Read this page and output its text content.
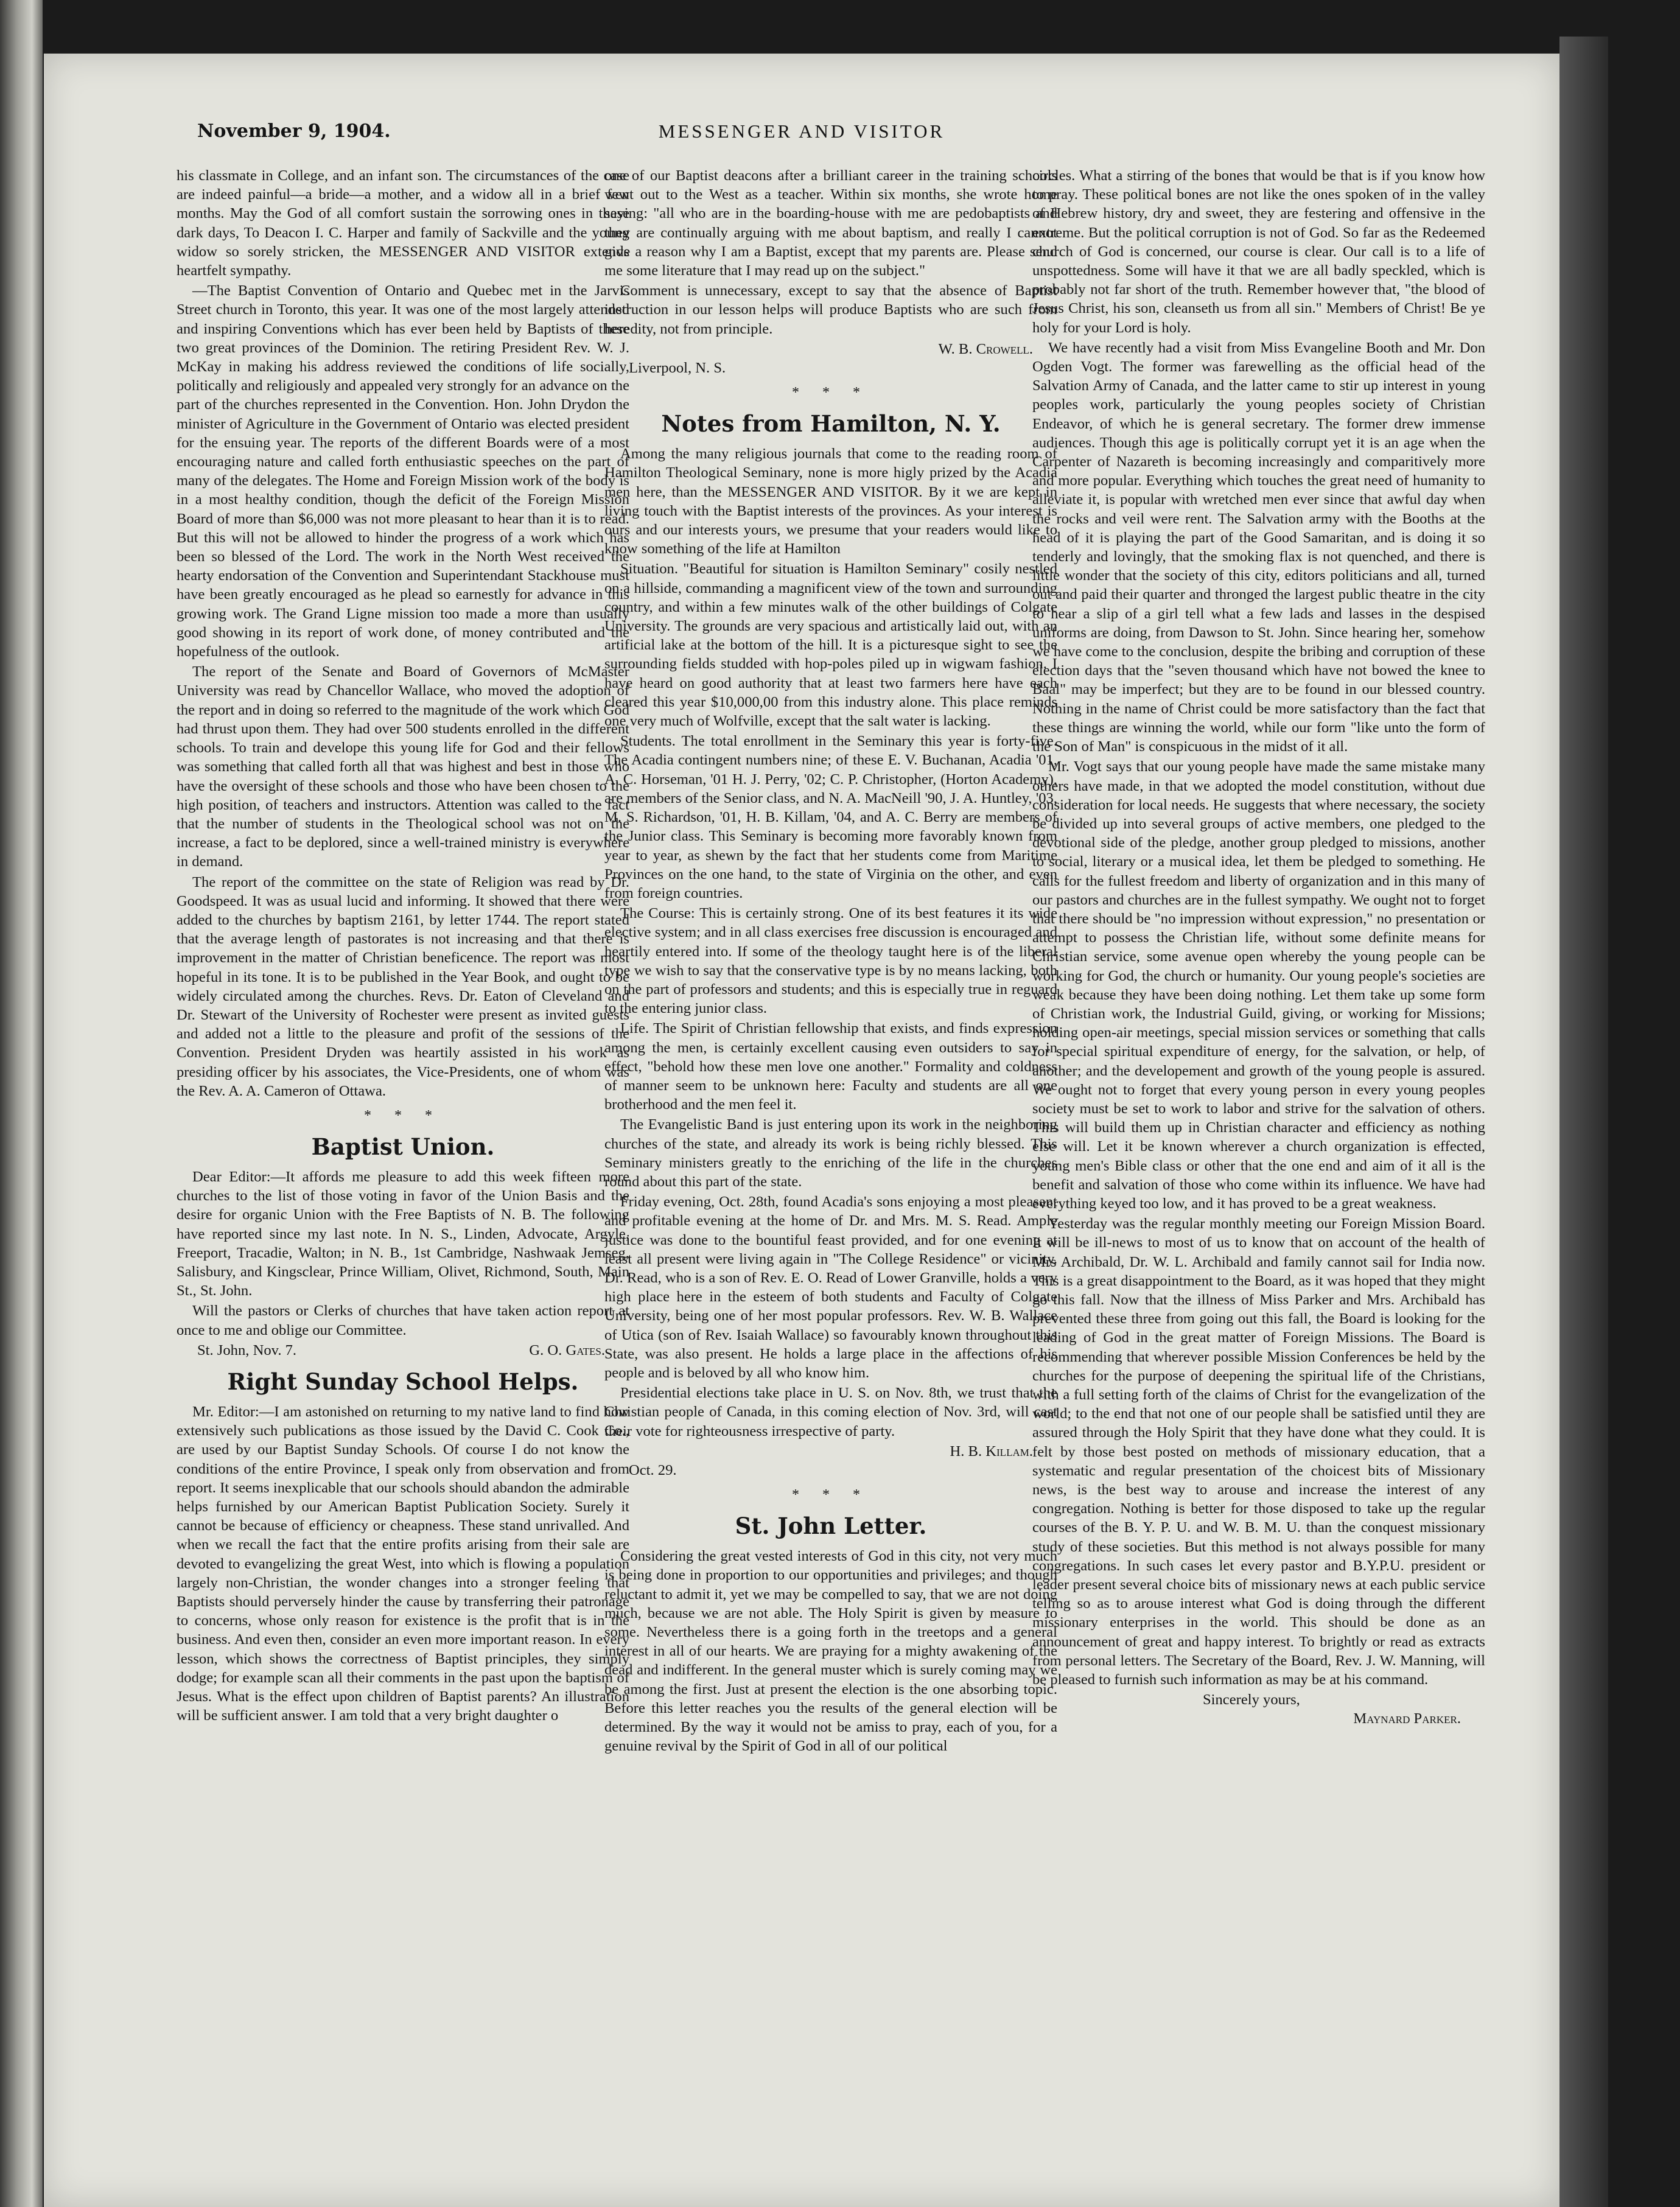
November 9, 1904.	MESSENGER AND VISITOR

his classmate in College, and an infant son. The circumstances of the case are indeed painful—a bride—a mother, and a widow all in a brief few months. May the God of all comfort sustain the sorrowing ones in these dark days, To Deacon I. C. Harper and family of Sackville and the young widow so sorely stricken, the MESSENGER AND VISITOR extends heartfelt sympathy.

—The Baptist Convention of Ontario and Quebec met in the Jarvis Street church in Toronto, this year. It was one of the most largely attended and inspiring Conventions which has ever been held by Baptists of these two great provinces of the Dominion. The retiring President Rev. W. J. McKay in making his address reviewed the conditions of life socially, politically and religiously and appealed very strongly for an advance on the part of the churches represented in the Convention. Hon. John Drydon the minister of Agriculture in the Government of Ontario was elected president for the ensuing year. The reports of the different Boards were of a most encouraging nature and called forth enthusiastic speeches on the part of many of the delegates. The Home and Foreign Mission work of the body is in a most healthy condition, though the deficit of the Foreign Mission Board of more than $6,000 was not more pleasant to hear than it is to read. But this will not be allowed to hinder the progress of a work which has been so blessed of the Lord. The work in the North West received the hearty endorsation of the Convention and Superintendant Stackhouse must have been greatly encouraged as he plead so earnestly for advance in this growing work. The Grand Ligne mission too made a more than usually good showing in its report of work done, of money contributed and the hopefulness of the outlook.

The report of the Senate and Board of Governors of McMaster University was read by Chancellor Wallace, who moved the adoption of the report and in doing so referred to the magnitude of the work which God had thrust upon them. They had over 500 students enrolled in the different schools. To train and develope this young life for God and their fellows was something that called forth all that was highest and best in those who have the oversight of these schools and those who have been chosen to the high position, of teachers and instructors. Attention was called to the fact that the number of students in the Theological school was not on the increase, a fact to be deplored, since a well-trained ministry is everywhere in demand.

The report of the committee on the state of Religion was read by Dr. Goodspeed. It was as usual lucid and informing. It showed that there were added to the churches by baptism 2161, by letter 1744. The report stated that the average length of pastorates is not increasing and that there is improvement in the matter of Christian beneficence. The report was most hopeful in its tone. It is to be published in the Year Book, and ought to be widely circulated among the churches. Revs. Dr. Eaton of Cleveland and Dr. Stewart of the University of Rochester were present as invited guests and added not a little to the pleasure and profit of the sessions of the Convention. President Dryden was heartily assisted in his work as presiding officer by his associates, the Vice-Presidents, one of whom was the Rev. A. A. Cameron of Ottawa.

* * *
Baptist Union.

Dear Editor:—It affords me pleasure to add this week fifteen more churches to the list of those voting in favor of the Union Basis and the desire for organic Union with the Free Baptists of N. B. The following have reported since my last note. In N. S., Linden, Advocate, Argyle, Freeport, Tracadie, Walton; in N. B., 1st Cambridge, Nashwaak Jemseg, Salisbury, and Kingsclear, Prince William, Olivet, Richmond, South, Main St., St. John.

Will the pastors or Clerks of churches that have taken action report at once to me and oblige our Committee.

St. John, Nov. 7.	G. O. Gates.
Right Sunday School Helps.

Mr. Editor:—I am astonished on returning to my native land to find how extensively such publications as those issued by the David C. Cook Co., are used by our Baptist Sunday Schools. Of course I do not know the conditions of the entire Province, I speak only from observation and from report. It seems inexplicable that our schools should abandon the admirable helps furnished by our American Baptist Publication Society. Surely it cannot be because of efficiency or cheapness. These stand unrivalled. And when we recall the fact that the entire profits arising from their sale are devoted to evangelizing the great West, into which is flowing a population largely non-Christian, the wonder changes into a stronger feeling that Baptists should perversely hinder the cause by transferring their patronage to concerns, whose only reason for existence is the profit that is in the business. And even then, consider an even more important reason. In every lesson, which shows the correctness of Baptist principles, they simply dodge; for example scan all their comments in the past upon the baptism of Jesus. What is the effect upon children of Baptist parents? An illustration will be sufficient answer. I am told that a very bright daughter o

one of our Baptist deacons after a brilliant career in the training schools went out to the West as a teacher. Within six months, she wrote home saying: "all who are in the boarding-house with me are pedobaptists and they are continually arguing with me about baptism, and really I cannot give a reason why I am a Baptist, except that my parents are. Please send me some literature that I may read up on the subject."

Comment is unnecessary, except to say that the absence of Baptist instruction in our lesson helps will produce Baptists who are such from heredity, not from principle.

W. B. Crowell.
Liverpool, N. S.
* * *
Notes from Hamilton, N. Y.

Among the many religious journals that come to the reading room of Hamilton Theological Seminary, none is more higly prized by the Acadia men here, than the MESSENGER AND VISITOR. By it we are kept in living touch with the Baptist interests of the provinces. As your interest is ours and our interests yours, we presume that your readers would like to know something of the life at Hamilton

Situation. "Beautiful for situation is Hamilton Seminary" cosily nestled on a hillside, commanding a magnificent view of the town and surrounding country, and within a few minutes walk of the other buildings of Colgate University. The grounds are very spacious and artistically laid out, with an artificial lake at the bottom of the hill. It is a picturesque sight to see the surrounding fields studded with hop-poles piled up in wigwam fashion. I have heard on good authority that at least two farmers here have each cleared this year $10,000,00 from this industry alone. This place reminds one very much of Wolfville, except that the salt water is lacking.

Students. The total enrollment in the Seminary this year is forty-five. The Acadia contingent numbers nine; of these E. V. Buchanan, Acadia '01, A. C. Horseman, '01 H. J. Perry, '02; C. P. Christopher, (Horton Academy), are members of the Senior class, and N. A. MacNeill '90, J. A. Huntley, '03, M. S. Richardson, '01, H. B. Killam, '04, and A. C. Berry are members of the Junior class. This Seminary is becoming more favorably known from year to year, as shewn by the fact that her students come from Maritime Provinces on the one hand, to the state of Virginia on the other, and even from foreign countries.

The Course: This is certainly strong. One of its best features it its wide elective system; and in all class exercises free discussion is encouraged and heartily entered into. If some of the theology taught here is of the liberal type we wish to say that the conservative type is by no means lacking, both on the part of professors and students; and this is especially true in reguard to the entering junior class.

Life. The Spirit of Christian fellowship that exists, and finds expression among the men, is certainly excellent causing even outsiders to say in effect, "behold how these men love one another." Formality and coldness of manner seem to be unknown here: Faculty and students are all one brotherhood and the men feel it.

The Evangelistic Band is just entering upon its work in the neighboring churches of the state, and already its work is being richly blessed. This Seminary ministers greatly to the enriching of the life in the churches round about this part of the state.

Friday evening, Oct. 28th, found Acadia's sons enjoying a most pleasant and profitable evening at the home of Dr. and Mrs. M. S. Read. Ample justice was done to the bountiful feast provided, and for one evening at least all present were living again in "The College Residence" or vicinity. Dr. Read, who is a son of Rev. E. O. Read of Lower Granville, holds a very high place here in the esteem of both students and Faculty of Colgate University, being one of her most popular professors. Rev. W. B. Wallace of Utica (son of Rev. Isaiah Wallace) so favourably known throughout this State, was also present. He holds a large place in the affections of his people and is beloved by all who know him.

Presidential elections take place in U. S. on Nov. 8th, we trust that the Christian people of Canada, in this coming election of Nov. 3rd, will cast their vote for righteousness irrespective of party.

H. B. Killam.
Oct. 29.
* * *
St. John Letter.

Considering the great vested interests of God in this city, not very much is being done in proportion to our opportunities and privileges; and though reluctant to admit it, yet we may be compelled to say, that we are not doing much, because we are not able. The Holy Spirit is given by measure to some. Nevertheless there is a going forth in the treetops and a general interest in all of our hearts. We are praying for a mighty awakening of the dead and indifferent. In the general muster which is surely coming may we be among the first. Just at present the election is the one absorbing topic. Before this letter reaches you the results of the general election will be determined. By the way it would not be amiss to pray, each of you, for a genuine revival by the Spirit of God in all of our political

circles. What a stirring of the bones that would be that is if you know how to pray. These political bones are not like the ones spoken of in the valley of Hebrew history, dry and sweet, they are festering and offensive in the extreme. But the political corruption is not of God. So far as the Redeemed church of God is concerned, our course is clear. Our call is to a life of unspottedness. Some will have it that we are all badly speckled, which is probably not far short of the truth. Remember however that, "the blood of Jesus Christ, his son, cleanseth us from all sin." Members of Christ! Be ye holy for your Lord is holy.

We have recently had a visit from Miss Evangeline Booth and Mr. Don Ogden Vogt. The former was farewelling as the official head of the Salvation Army of Canada, and the latter came to stir up interest in young peoples work, particularly the young peoples society of Christian Endeavor, of which he is general secretary. The former drew immense audiences. Though this age is politically corrupt yet it is an age when the Carpenter of Nazareth is becoming increasingly and comparitively more and more popular. Everything which touches the great need of humanity to alleviate it, is popular with wretched men ever since that awful day when the rocks and veil were rent. The Salvation army with the Booths at the head of it is playing the part of the Good Samaritan, and is doing it so tenderly and lovingly, that the smoking flax is not quenched, and there is little wonder that the society of this city, editors politicians and all, turned out and paid their quarter and thronged the largest public theatre in the city to hear a slip of a girl tell what a few lads and lasses in the despised uniforms are doing, from Dawson to St. John. Since hearing her, somehow we have come to the conclusion, despite the bribing and corruption of these election days that the "seven thousand which have not bowed the knee to Baal" may be imperfect; but they are to be found in our blessed country. Nothing in the name of Christ could be more satisfactory than the fact that these things are winning the world, while our form "like unto the form of the Son of Man" is conspicuous in the midst of it all.

Mr. Vogt says that our young people have made the same mistake many others have made, in that we adopted the model constitution, without due consideration for local needs. He suggests that where necessary, the society be divided up into several groups of active members, one pledged to the devotional side of the pledge, another group pledged to missions, another to social, literary or a musical idea, let them be pledged to something. He calls for the fullest freedom and liberty of organization and in this many of our pastors and churches are in the fullest sympathy. We ought not to forget that there should be "no impression without expression," no presentation or attempt to possess the Christian life, without some definite means for Christian service, some avenue open whereby the young people can be working for God, the church or humanity. Our young people's societies are weak because they have been doing nothing. Let them take up some form of Christian work, the Industrial Guild, giving, or working for Missions; holding open-air meetings, special mission services or something that calls for special spiritual expenditure of energy, for the salvation, or help, of another; and the developement and growth of the young people is assured. We ought not to forget that every young person in every young peoples society must be set to work to labor and strive for the salvation of others. This will build them up in Christian character and efficiency as nothing else will. Let it be known wherever a church organization is effected, young men's Bible class or other that the one end and aim of it all is the benefit and salvation of those who come within its influence. We have had everything keyed too low, and it has proved to be a great weakness.

Yesterday was the regular monthly meeting our Foreign Mission Board. It will be ill-news to most of us to know that on account of the health of Mrs Archibald, Dr. W. L. Archibald and family cannot sail for India now. This is a great disappointment to the Board, as it was hoped that they might go this fall. Now that the illness of Miss Parker and Mrs. Archibald has prevented these three from going out this fall, the Board is looking for the leading of God in the great matter of Foreign Missions. The Board is recommending that wherever possible Mission Conferences be held by the churches for the purpose of deepening the spiritual life of the Christians, with a full setting forth of the claims of Christ for the evangelization of the world; to the end that not one of our people shall be satisfied until they are assured through the Holy Spirit that they have done what they could. It is felt by those best posted on methods of missionary education, that a systematic and regular presentation of the choicest bits of Missionary news, is the best way to arouse and increase the interest of any congregation. Nothing is better for those disposed to take up the regular courses of the B. Y. P. U. and W. B. M. U. than the conquest missionary study of these societies. But this method is not always possible for many congregations. In such cases let every pastor and B.Y.P.U. president or leader present several choice bits of missionary news at each public service telling so as to arouse interest what God is doing through the different missionary enterprises in the world. This should be done as an announcement of great and happy interest. To brightly or read as extracts from personal letters. The Secretary of the Board, Rev. J. W. Manning, will be pleased to furnish such information as may be at his command.

Sincerely yours,
Maynard Parker.
